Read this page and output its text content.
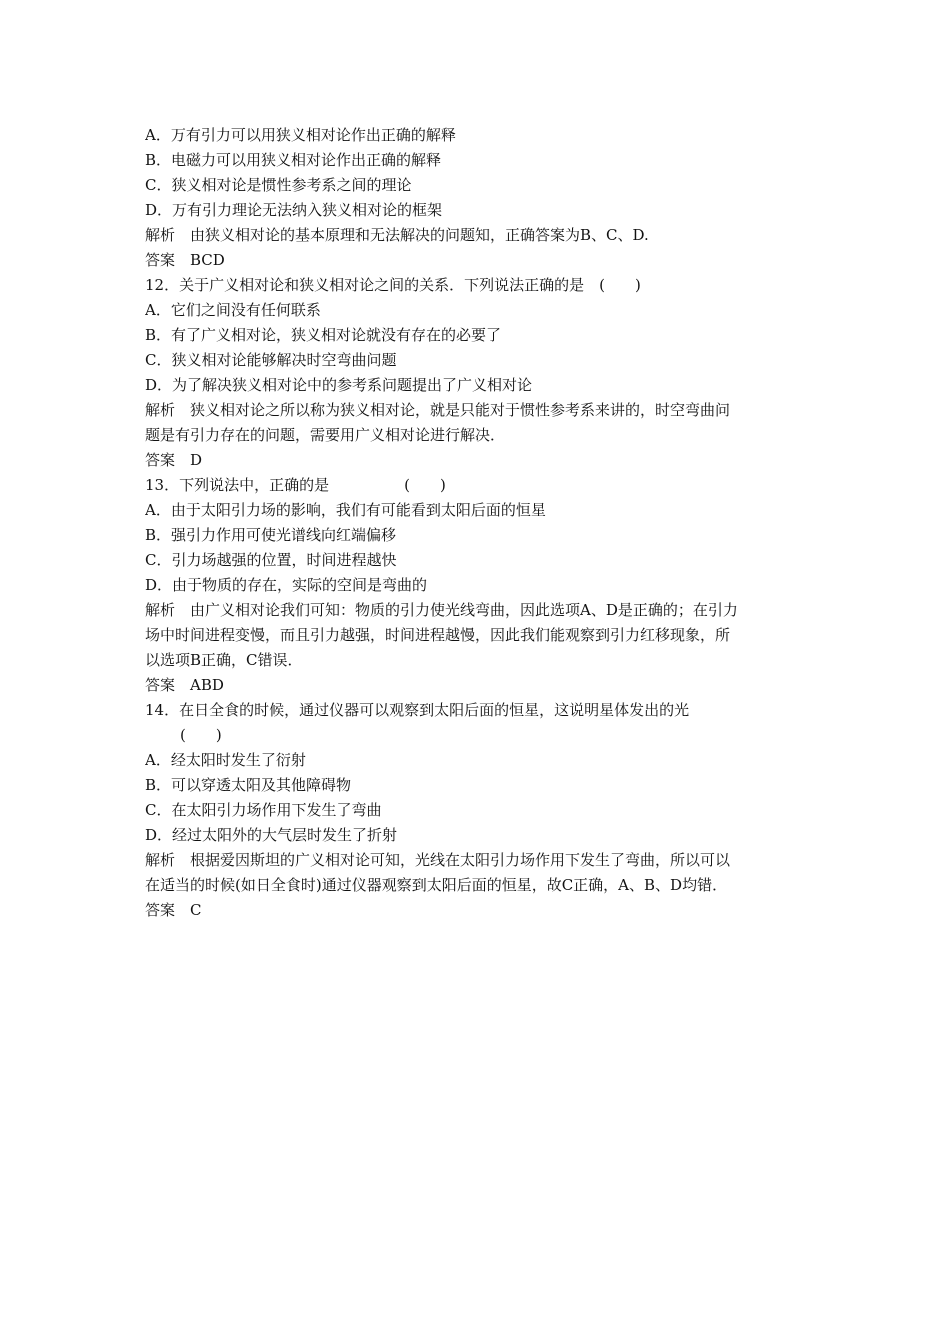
A．万有引力可以用狭义相对论作出正确的解释
B．电磁力可以用狭义相对论作出正确的解释
C．狭义相对论是惯性参考系之间的理论
D．万有引力理论无法纳入狭义相对论的框架
解析　由狭义相对论的基本原理和无法解决的问题知，正确答案为B、C、D.
答案　BCD
12．关于广义相对论和狭义相对论之间的关系．下列说法正确的是　(　　)
A．它们之间没有任何联系
B．有了广义相对论，狭义相对论就没有存在的必要了
C．狭义相对论能够解决时空弯曲问题
D．为了解决狭义相对论中的参考系问题提出了广义相对论
解析　狭义相对论之所以称为狭义相对论，就是只能对于惯性参考系来讲的，时空弯曲问
题是有引力存在的问题，需要用广义相对论进行解决．
答案　D
13．下列说法中，正确的是　　　　　(　　)
A．由于太阳引力场的影响，我们有可能看到太阳后面的恒星
B．强引力作用可使光谱线向红端偏移
C．引力场越强的位置，时间进程越快
D．由于物质的存在，实际的空间是弯曲的
解析　由广义相对论我们可知：物质的引力使光线弯曲，因此选项A、D是正确的；在引力
场中时间进程变慢，而且引力越强，时间进程越慢，因此我们能观察到引力红移现象，所
以选项B正确，C错误．
答案　ABD
14．在日全食的时候，通过仪器可以观察到太阳后面的恒星，这说明星体发出的光
(　　)
A．经太阳时发生了衍射
B．可以穿透太阳及其他障碍物
C．在太阳引力场作用下发生了弯曲
D．经过太阳外的大气层时发生了折射
解析　根据爱因斯坦的广义相对论可知，光线在太阳引力场作用下发生了弯曲，所以可以
在适当的时候(如日全食时)通过仪器观察到太阳后面的恒星，故C正确，A、B、D均错．
答案　C
